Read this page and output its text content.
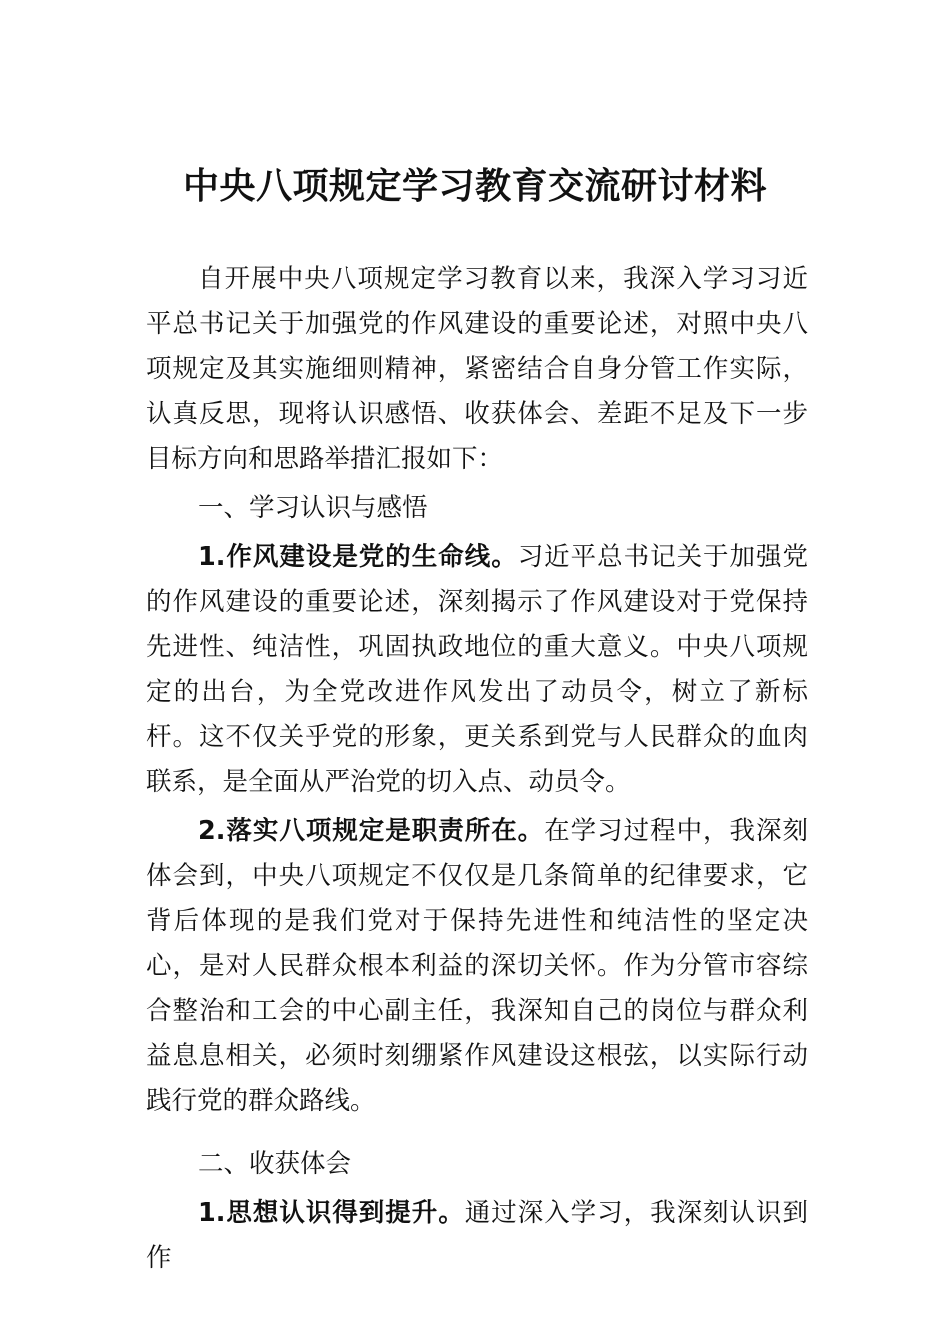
中央八项规定学习教育交流研讨材料

自开展中央八项规定学习教育以来，我深入学习习近平总书记关于加强党的作风建设的重要论述，对照中央八项规定及其实施细则精神，紧密结合自身分管工作实际，认真反思，现将认识感悟、收获体会、差距不足及下一步目标方向和思路举措汇报如下：

一、学习认识与感悟

1.作风建设是党的生命线。习近平总书记关于加强党的作风建设的重要论述，深刻揭示了作风建设对于党保持先进性、纯洁性，巩固执政地位的重大意义。中央八项规定的出台，为全党改进作风发出了动员令，树立了新标杆。这不仅关乎党的形象，更关系到党与人民群众的血肉联系，是全面从严治党的切入点、动员令。

2.落实八项规定是职责所在。在学习过程中，我深刻体会到，中央八项规定不仅仅是几条简单的纪律要求，它背后体现的是我们党对于保持先进性和纯洁性的坚定决心，是对人民群众根本利益的深切关怀。作为分管市容综合整治和工会的中心副主任，我深知自己的岗位与群众利益息息相关，必须时刻绷紧作风建设这根弦，以实际行动践行党的群众路线。

二、收获体会

1.思想认识得到提升。通过深入学习，我深刻认识到作
